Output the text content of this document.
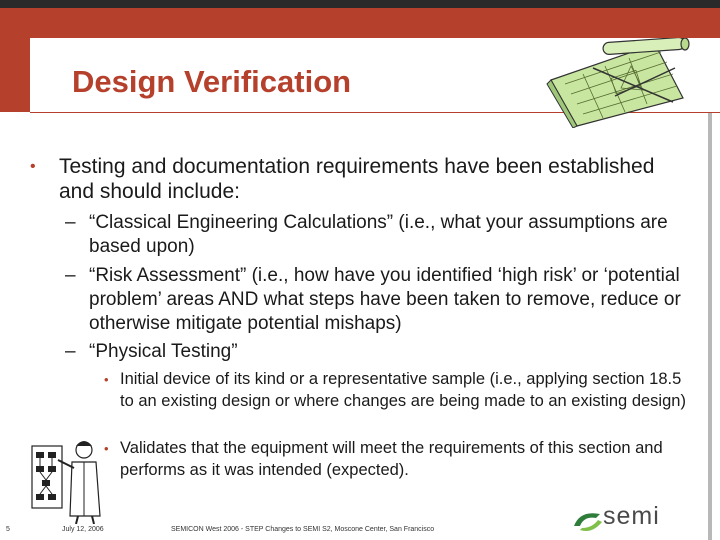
Design Verification
• Testing and documentation requirements have been established and should include:
– “Classical Engineering Calculations” (i.e., what your assumptions are based upon)
– “Risk Assessment” (i.e., how have you identified ‘high risk’ or ‘potential problem’ areas AND what steps have been taken to remove, reduce or otherwise mitigate potential mishaps)
– “Physical Testing”
• Initial device of its kind or a representative sample (i.e., applying section 18.5 to an existing design or where changes are being made to an existing design)
• Validates that the equipment will meet the requirements of this section and performs as it was intended (expected).
5	July 12, 2006	SEMICON West 2006 - STEP Changes to SEMI S2, Moscone Center, San Francisco	semi
